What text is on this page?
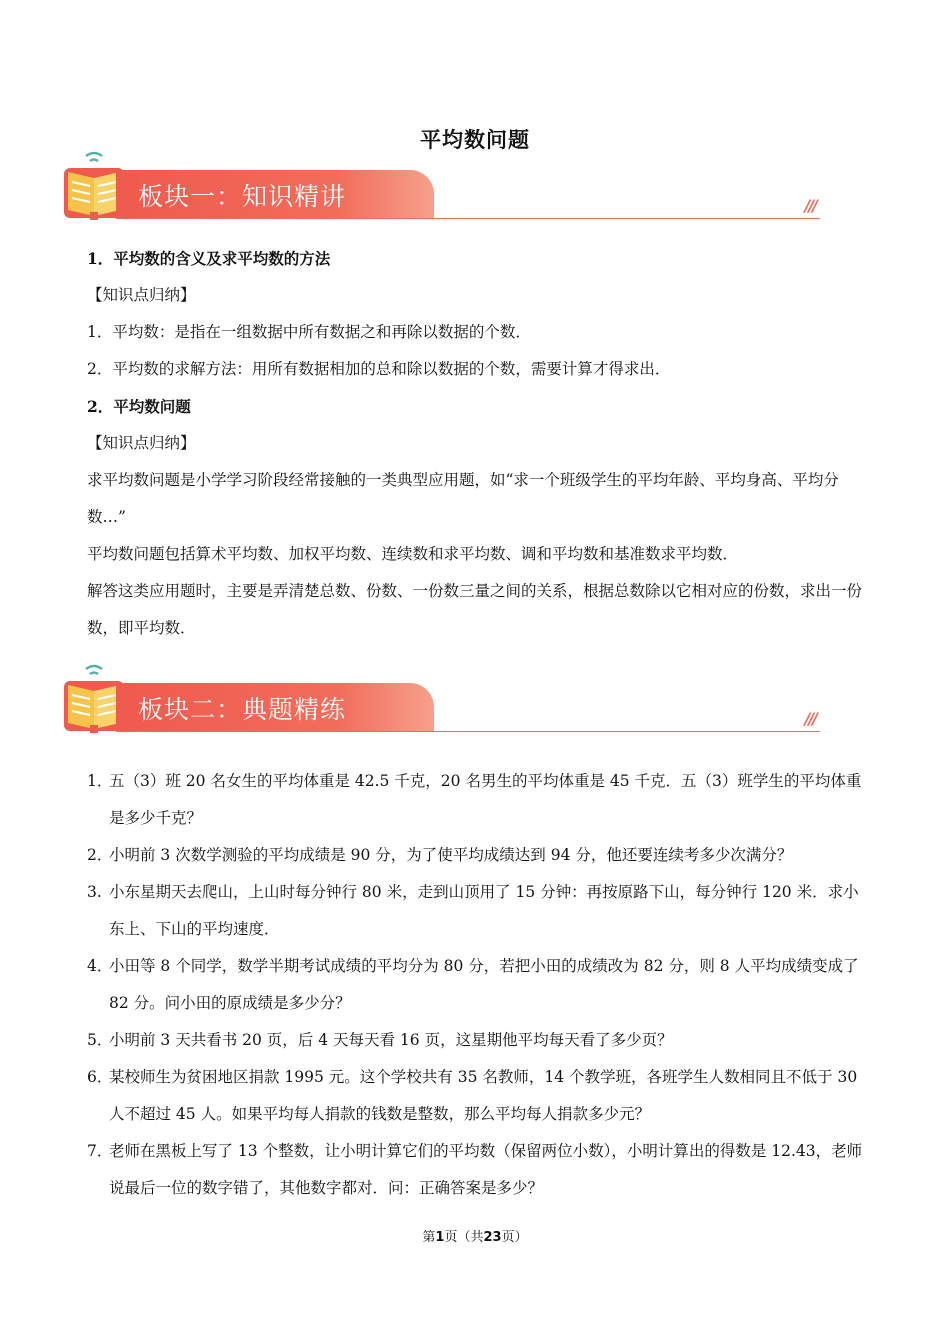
平均数问题
板块一：知识精讲	///

1．平均数的含义及求平均数的方法

【知识点归纳】

1．平均数：是指在一组数据中所有数据之和再除以数据的个数．

2．平均数的求解方法：用所有数据相加的总和除以数据的个数，需要计算才得求出．

2．平均数问题

【知识点归纳】

求平均数问题是小学学习阶段经常接触的一类典型应用题，如“求一个班级学生的平均年龄、平均身高、平均分数…”

平均数问题包括算术平均数、加权平均数、连续数和求平均数、调和平均数和基准数求平均数．

解答这类应用题时，主要是弄清楚总数、份数、一份数三量之间的关系，根据总数除以它相对应的份数，求出一份数，即平均数．

板块二：典题精练	///
1．
五（3）班 20 名女生的平均体重是 42.5 千克，20 名男生的平均体重是 45 千克．五（3）班学生的平均体重是多少千克？
2．
小明前 3 次数学测验的平均成绩是 90 分，为了使平均成绩达到 94 分，他还要连续考多少次满分？
3. 小东星期天去爬山，上山时每分钟行 80 米，走到山顶用了 15 分钟：再按原路下山，每分钟行 120 米．求小东上、下山的平均速度．
4．
小田等 8 个同学，数学半期考试成绩的平均分为 80 分，若把小田的成绩改为 82 分，则 8 人平均成绩变成了 82 分。问小田的原成绩是多少分？
5．
小明前 3 天共看书 20 页，后 4 天每天看 16 页，这星期他平均每天看了多少页？
6．
某校师生为贫困地区捐款 1995 元。这个学校共有 35 名教师，14 个教学班，各班学生人数相同且不低于 30 人不超过 45 人。如果平均每人捐款的钱数是整数，那么平均每人捐款多少元？
7．
老师在黑板上写了 13 个整数，让小明计算它们的平均数（保留两位小数），小明计算出的得数是 12.43，老师说最后一位的数字错了，其他数字都对．问：正确答案是多少？
第1页（共23页）
